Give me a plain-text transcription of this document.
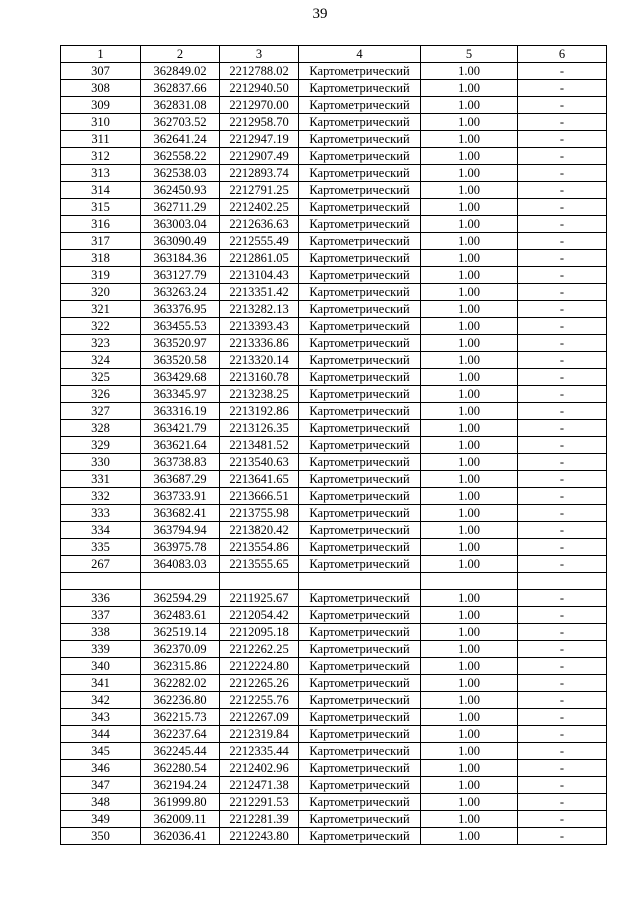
39
1	2	3	4	5	6
307	362849.02	2212788.02	Картометрический	1.00	-
308	362837.66	2212940.50	Картометрический	1.00	-
309	362831.08	2212970.00	Картометрический	1.00	-
310	362703.52	2212958.70	Картометрический	1.00	-
311	362641.24	2212947.19	Картометрический	1.00	-
312	362558.22	2212907.49	Картометрический	1.00	-
313	362538.03	2212893.74	Картометрический	1.00	-
314	362450.93	2212791.25	Картометрический	1.00	-
315	362711.29	2212402.25	Картометрический	1.00	-
316	363003.04	2212636.63	Картометрический	1.00	-
317	363090.49	2212555.49	Картометрический	1.00	-
318	363184.36	2212861.05	Картометрический	1.00	-
319	363127.79	2213104.43	Картометрический	1.00	-
320	363263.24	2213351.42	Картометрический	1.00	-
321	363376.95	2213282.13	Картометрический	1.00	-
322	363455.53	2213393.43	Картометрический	1.00	-
323	363520.97	2213336.86	Картометрический	1.00	-
324	363520.58	2213320.14	Картометрический	1.00	-
325	363429.68	2213160.78	Картометрический	1.00	-
326	363345.97	2213238.25	Картометрический	1.00	-
327	363316.19	2213192.86	Картометрический	1.00	-
328	363421.79	2213126.35	Картометрический	1.00	-
329	363621.64	2213481.52	Картометрический	1.00	-
330	363738.83	2213540.63	Картометрический	1.00	-
331	363687.29	2213641.65	Картометрический	1.00	-
332	363733.91	2213666.51	Картометрический	1.00	-
333	363682.41	2213755.98	Картометрический	1.00	-
334	363794.94	2213820.42	Картометрический	1.00	-
335	363975.78	2213554.86	Картометрический	1.00	-
267	364083.03	2213555.65	Картометрический	1.00	-

336	362594.29	2211925.67	Картометрический	1.00	-
337	362483.61	2212054.42	Картометрический	1.00	-
338	362519.14	2212095.18	Картометрический	1.00	-
339	362370.09	2212262.25	Картометрический	1.00	-
340	362315.86	2212224.80	Картометрический	1.00	-
341	362282.02	2212265.26	Картометрический	1.00	-
342	362236.80	2212255.76	Картометрический	1.00	-
343	362215.73	2212267.09	Картометрический	1.00	-
344	362237.64	2212319.84	Картометрический	1.00	-
345	362245.44	2212335.44	Картометрический	1.00	-
346	362280.54	2212402.96	Картометрический	1.00	-
347	362194.24	2212471.38	Картометрический	1.00	-
348	361999.80	2212291.53	Картометрический	1.00	-
349	362009.11	2212281.39	Картометрический	1.00	-
350	362036.41	2212243.80	Картометрический	1.00	-
